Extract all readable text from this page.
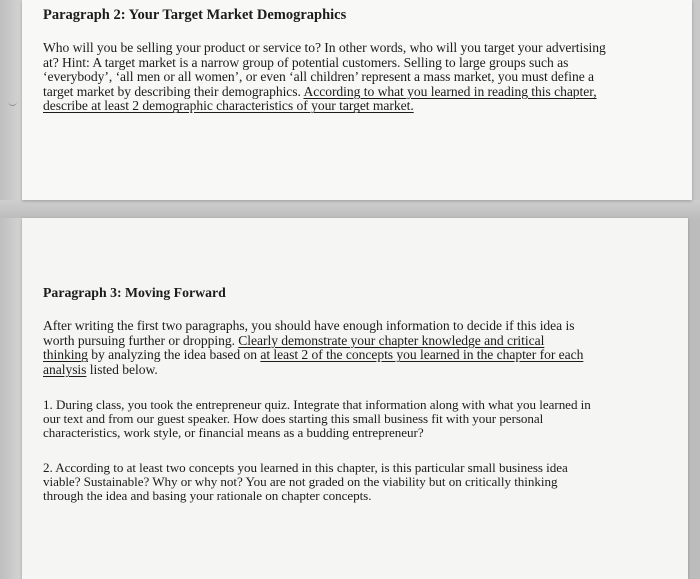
Paragraph 2: Your Target Market Demographics

Who will you be selling your product or service to? In other words, who will you target your advertising at? Hint: A target market is a narrow group of potential customers. Selling to large groups such as ‘everybody’, ‘all men or all women’, or even ‘all children’ represent a mass market, you must define a target market by describing their demographics. According to what you learned in reading this chapter, describe at least 2 demographic characteristics of your target market.

Paragraph 3: Moving Forward

After writing the first two paragraphs, you should have enough information to decide if this idea is worth pursuing further or dropping. Clearly demonstrate your chapter knowledge and critical thinking by analyzing the idea based on at least 2 of the concepts you learned in the chapter for each analysis listed below.

1. During class, you took the entrepreneur quiz. Integrate that information along with what you learned in our text and from our guest speaker. How does starting this small business fit with your personal characteristics, work style, or financial means as a budding entrepreneur?

2. According to at least two concepts you learned in this chapter, is this particular small business idea viable? Sustainable? Why or why not? You are not graded on the viability but on critically thinking through the idea and basing your rationale on chapter concepts.
